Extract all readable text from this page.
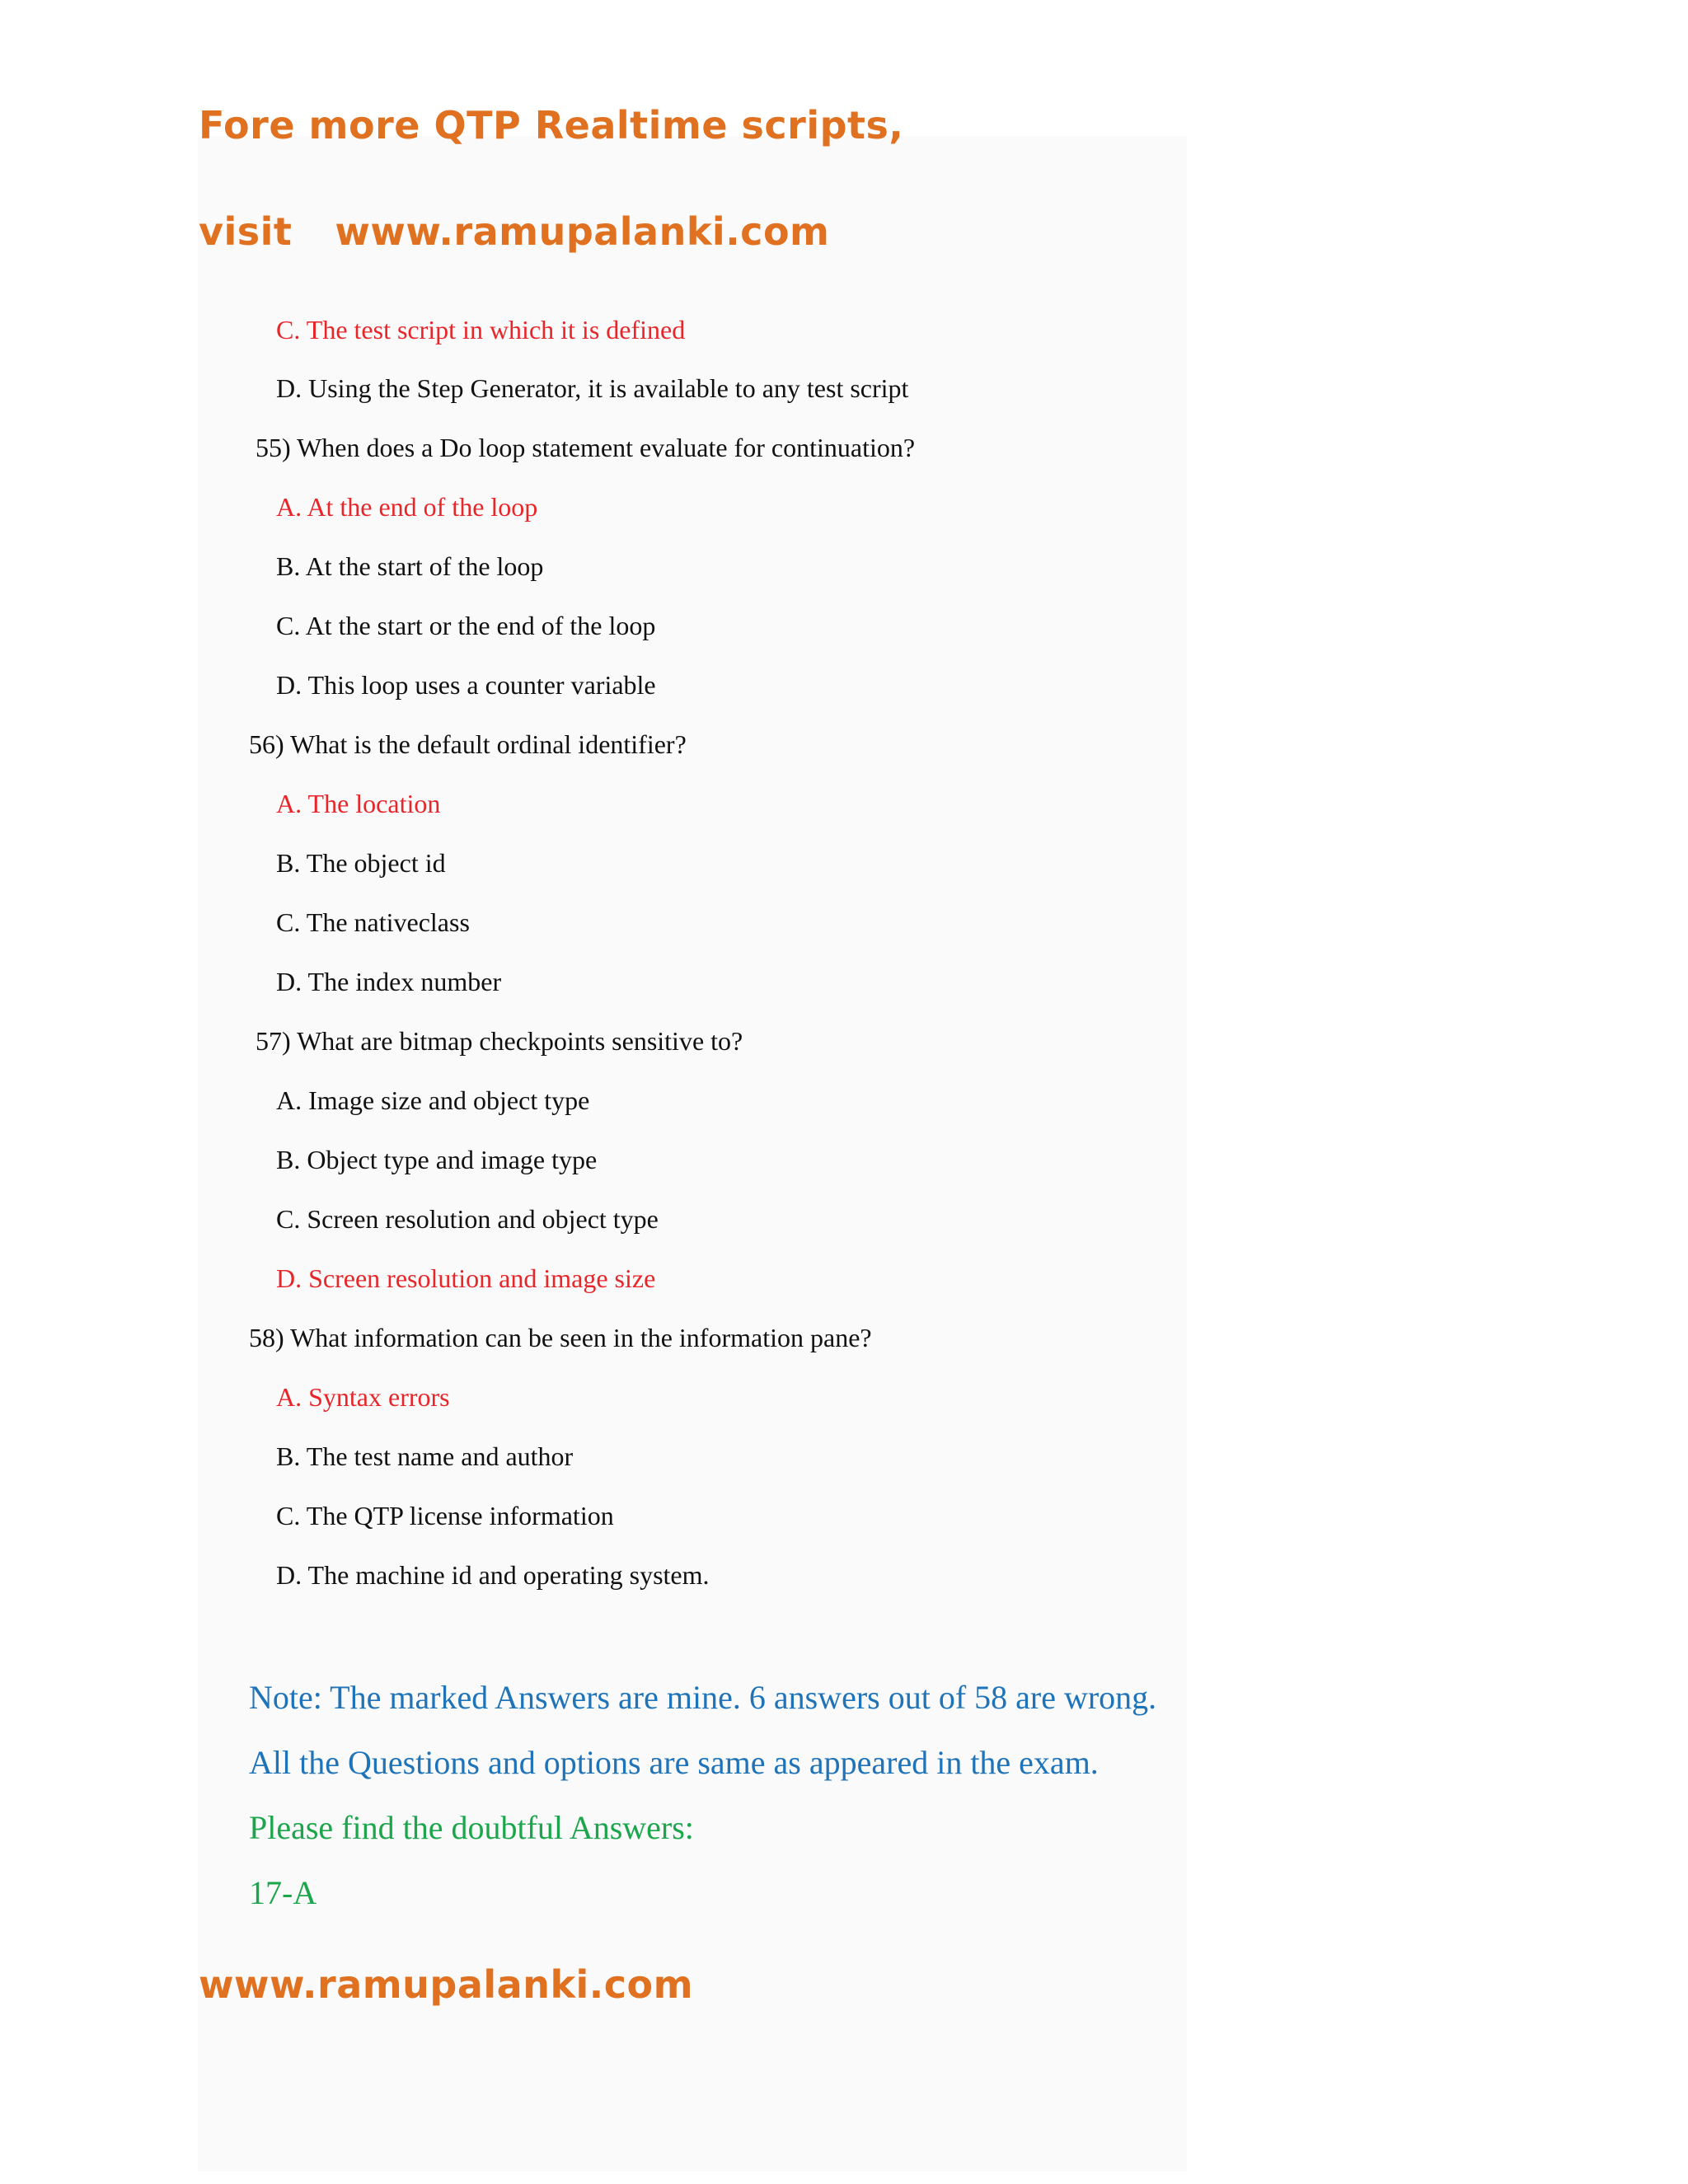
Fore more QTP Realtime scripts,

visit www.ramupalanki.com

C. The test script in which it is defined

D. Using the Step Generator, it is available to any test script

55) When does a Do loop statement evaluate for continuation?

A. At the end of the loop

B. At the start of the loop

C. At the start or the end of the loop

D. This loop uses a counter variable

56) What is the default ordinal identifier?

A. The location

B. The object id

C. The nativeclass

D. The index number

57) What are bitmap checkpoints sensitive to?

A. Image size and object type

B. Object type and image type

C. Screen resolution and object type

D. Screen resolution and image size

58) What information can be seen in the information pane?

A. Syntax errors

B. The test name and author

C. The QTP license information

D. The machine id and operating system.

Note: The marked Answers are mine. 6 answers out of 58 are wrong.

All the Questions and options are same as appeared in the exam.

Please find the doubtful Answers:

17-A

www.ramupalanki.com
